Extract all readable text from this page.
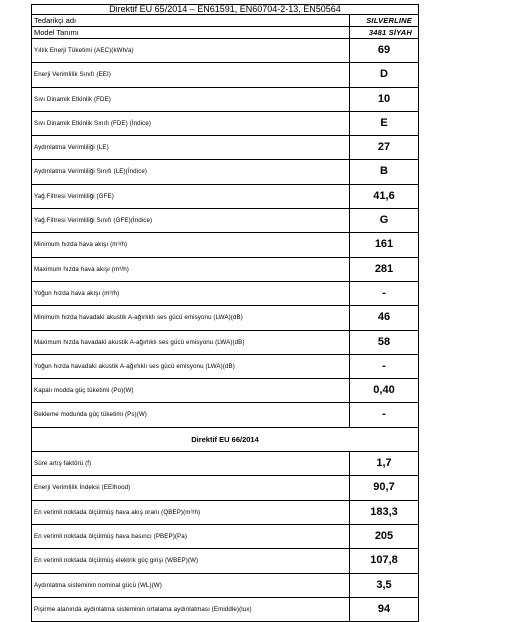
Direktif EU 65/2014 – EN61591, EN60704-2-13, EN50564
Tedarikçi adı	SILVERLINE
Model Tanımı	3481 SİYAH
Yıllık Enerji Tüketimi (AEC)(kWh/a)	69
Enerji Verimlilik Sınıfı (EEI)	D
Sıvı Dinamik Etkinlik (FDE)	10
Sıvı Dinamik Etkinlik Sınıfı (FDE) (İndice)	E
Aydınlatma Verimliliği (LE)	27
Aydınlatma Verimliliği Sınıfı (LE)(İndice)	B
Yağ Filtresi Verimliliği (GFE)	41,6
Yağ Filtresi Verimliliği Sınıfı (GFE)(İndice)	G
Minimum hızda hava akışı (m³/h)	161
Maximum hızda hava akışı (m³/h)	281
Yoğun hızda hava akışı (m³/h)	-
Minimum hızda havadaki akustik A-ağırlıklı ses gücü emisyonu (LWA)(dB)	46
Maximum hızda havadaki akustik A-ağırlıklı ses gücü emisyonu (LWA)(dB)	58
Yoğun hızda havadaki akustik A-ağırlıklı ses gücü emisyonu (LWA)(dB)	-
Kapalı modda güç tüketimi (Po)(W)	0,40
Bekleme modunda güç tüketimi (Ps)(W)	-
Direktif EU 66/2014
Süre artış faktörü (f)	1,7
Enerji Verimlilik İndeksi (EEIhood)	90,7
En verimli noktada ölçülmüş hava akış oranı (QBEP)(m³/h)	183,3
En verimli noktada ölçülmüş hava basıncı (PBEP)(Pa)	205
En verimli noktada ölçülmüş elektrik güç girişi (WBEP)(W)	107,8
Aydınlatma sisteminin nominal gücü (WL)(W)	3,5
Pişirme alanında aydınlatma sisteminin ortalama aydınlatması (Emiddle)(lux)	94
